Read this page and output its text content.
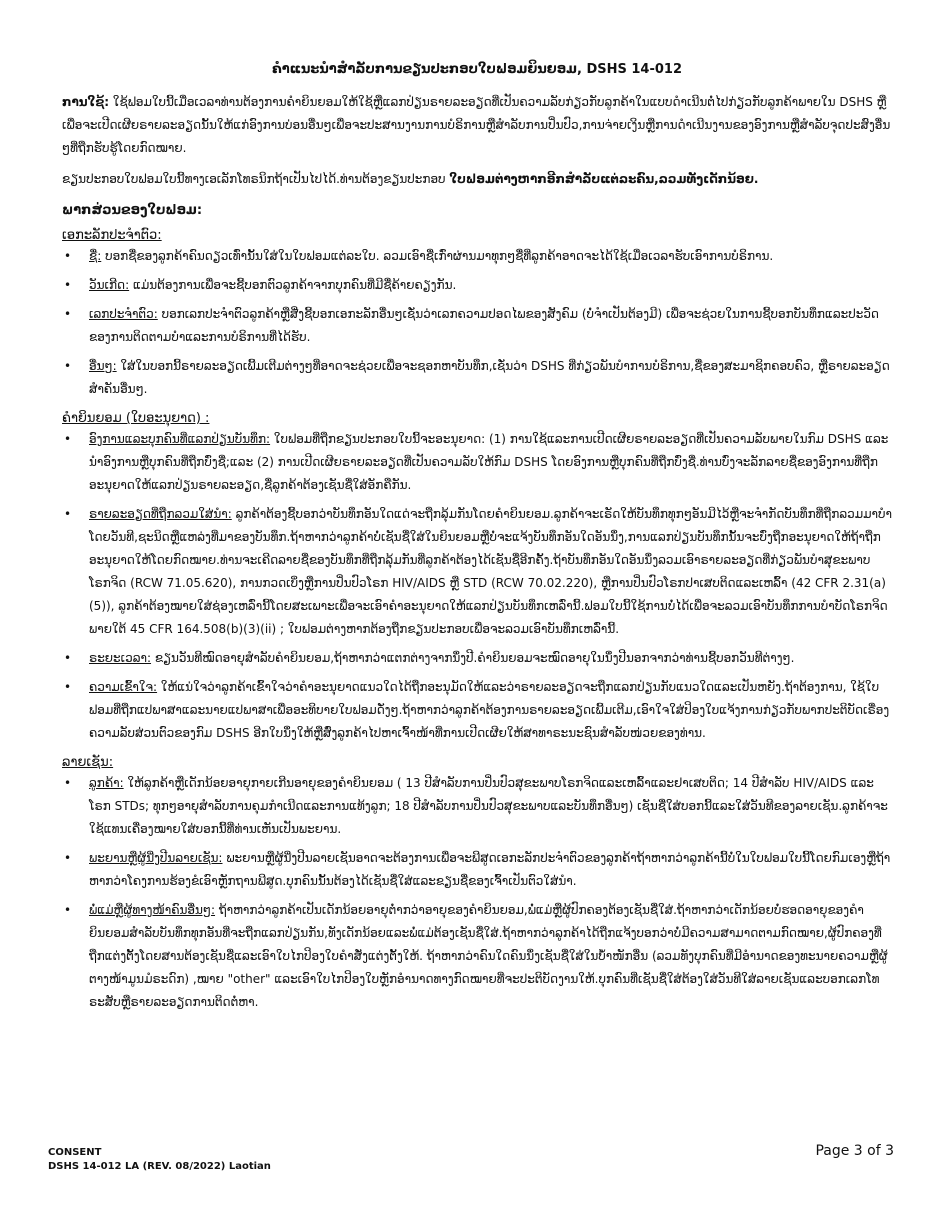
ຄຳແນະນຳສຳລັບການຂຽນປະກອບໃບຟອມຍິນຍອມ, DSHS 14-012

ການໃຊ້: ໃຊ້ຟອມໃບນີ້ເມື່ອເວລາທ່ານຕ້ອງການຄຳຍິນຍອມໃຫ້ໃຊ້ຫຼືແລກປ່ຽນຣາຍລະອຽດທີ່ເປັນຄວາມລັບກ່ຽວກັບລູກຄ້າໃນແບບດຳເນີນຕໍ່ໄປກ່ຽວກັບລູກຄ້າພາຍໃນ DSHS ຫຼືເພື່ອຈະເປີດເຜີຍຣາຍລະອຽດນັ້ນໃຫ້ແກ່ອົງການບ່ອນອື່ນໆເພື່ອຈະປະສານງານການບໍຣິການຫຼືສຳລັບການປິ່ນປົວ,ການຈ່າຍເງິນຫຼືການດຳເນີນງານຂອງອົງການຫຼືສຳລັບຈຸດປະສົງອື່ນໆທີ່ຖືກຮັບຮູ້ໂດຍກົດໝາຍ.

ຂຽນປະກອບໃບຟອມໃບນີ້ທາງເອເລັກໂທຣນິກຖ້າເປັນໄປໄດ້.ທ່ານຕ້ອງຂຽນປະກອບ ໃບຟອມຕ່າງຫາກອີກສຳລັບແຕ່ລະຄົນ,ລວມທັງເດັກນ້ອຍ.

ພາກສ່ວນຂອງໃບຟອມ:
ເອກະລັກປະຈຳຕົວ:
• ຊື່: ບອກຊື່ຂອງລູກຄ້າຄົນດຽວເທົ່ານັ້ນໃສ່ໃນໃບຟອມແຕ່ລະໃບ. ລວມເອົາຊື່ເກົ່າຜ່ານມາທຸກໆຊື່ທີ່ລູກຄ້າອາດຈະໄດ້ໃຊ້ເມື່ອເວລາຮັບເອົາການບໍຣິການ.
• ວັນເກີດ: ແມ່ນຕ້ອງການເພື່ອຈະຊີ້ບອກຕົວລູກຄ້າຈາກບຸກຄົນທີ່ມີຊື່ຄ້າຍຄຽງກັນ.
• ເລກປະຈຳຕົວ: ບອກເລກປະຈຳຕົວລູກຄ້າຫຼືສີ່ງຊີ້ບອກເອກະລັກອື່ນໆເຊັ່ນວ່າເລກຄວາມປອດໄພຂອງສັງຄົມ (ບໍ່ຈຳເປັນຕ້ອງມີ) ເພື່ອຈະຊ່ວຍໃນການຊີ້ບອກບັນທຶກແລະປະວັດຂອງການຕິດຕາມບຳແລະການບໍຣິການທີ່ໄດ້ຮັບ.
• ອື່ນໆ: ໃສ່ໃນບອກນີ້ຣາຍລະອຽດເພີ້ມເຕີມຕ່າງໆທີ່ອາດຈະຊ່ວຍເພື່ອຈະຊອກຫາບັນທຶກ,ເຊັ່ນວ່າ DSHS ທີ່ກ່ຽວພັນບຳການບໍຣິການ,ຊື່ຂອງສະມາຊິກຄອບຄົວ, ຫຼືຣາຍລະອຽດສຳຄັນອື່ນໆ.
ຄຳຍິນຍອມ (ໃບອະນຸຍາດ) :
• ອົງການແລະບຸກຄົນທີ່ແລກປ່ຽນບັນທຶກ: ໃບຟອມທີ່ຖືກຂຽນປະກອບໃບນີ້ຈະອະນຸຍາດ: (1) ການໃຊ້ແລະການເປີດເຜີຍຣາຍລະອຽດທີ່ເປັນຄວາມລັບພາຍໃນກົມ DSHS ແລະນຳອົງການຫຼືບຸກຄົນທີ່ຖືກບົ່ງຊື່;ແລະ (2) ການເປີດເຜີຍຣາຍລະອຽດທີ່ເປັນຄວາມລັບໃຫ້ກົມ DSHS ໂດຍອົງການຫຼືບຸກຄົນທີ່ຖືກບົ່ງຊື່.ທ່ານບົ່ງຈະລັກລາຍຊື່ຂອງອົງການທີ່ຖືກອະນຸຍາດໃຫ້ແລກປ່ຽນຣາຍລະອຽດ,ຊື່ລູກຄ້າຕ້ອງເຊັນຊື່ໃສ່ອັກຄືກັນ.
• ຣາຍລະອຽດທີ່ຖືກລວມໃສ່ນຳ: ລູກຄ້າຕ້ອງຊີ້ບອກວ່າບັນທຶກອັນໃດແດ່ຈະຖືກລຸ້ມກັນໂດຍຄຳຍິນຍອມ.ລູກຄ້າຈະເຣັດໃຫ້ບັນທຶກທຸກໆອັນມີໄວ້ຫຼືຈະຈຳກັດບັນທຶກທີ່ຖືກລວມມາບຳໂດຍວັນທີ,ຊະນິດຫຼືແຫລ່ງທີ່ມາຂອງບັນທຶກ.ຖ້າຫາກວ່າລູກຄ້າບໍ່ເຊັນຊື່ໃສ່ໃນຍິນຍອມຫຼືບໍ່ຈະແຈ້ງບັນທຶກອັນໃດອັນນຶ່ງ,ການແລກປ່ຽນບັນທຶກນັ້ນຈະບົ່ງຖືກອະນຸຍາດໃຫ້ຖ້າຖືກອະນຸຍາດໃຫ້ໂດຍກົດໝາຍ.ທ່ານຈະເຄີດລາຍຊື່ຂອງບັນທຶກທີ່ຖືກລຸ້ມກັນທີ່ລູກຄ້າຕ້ອງໄດ້ເຊັນຊື່ອີກຄັ້ງ.ຖ້າບັນທຶກອັນໃດອັນນຶ່ງລວມເອົາຣາຍລະອຽດທີ່ກ່ຽວພັນບຳສຸຂະພາບໂຣກຈິດ (RCW 71.05.620), ການກວດເບິ່ງຫຼືການປິ່ນປົວໂຣກ HIV/AIDS ຫຼື STD (RCW 70.02.220), ຫຼືການປິ່ນປົວໂຣກປາເສບຕິດແລະເຫລົ້າ (42 CFR 2.31(a)(5)), ລູກຄ້າຕ້ອງໝາຍໃສ່ຊ່ອງເຫລົ່ານີ້ໂດຍສະເພາະເພື່ອຈະເອົາຄຳອະນຸຍາດໃຫ້ແລກປ່ຽນບັນທຶກເຫລົ່ານີ້.ຟອມໃບນີ້ໃຊ້ການບໍ່ໄດ້ເພື່ອຈະລວມເອົາບັນທຶກການບຳບັດໂຣກຈິດພາຍໃຕ້ 45 CFR 164.508(b)(3)(ii) ; ໃບຟອມຕ່າງຫາກຕ້ອງຖືກຂຽນປະກອບເພື່ອຈະລວມເອົາບັນທຶກເຫລົ່ານີ້.
• ຣະຍະເວລາ: ຂຽນວັນທີໝົດອາຍຸສຳລັບຄຳຍິນຍອມ,ຖ້າຫາກວ່າແຕກຕ່າງຈາກນຶ່ງປີ.ຄຳຍິນຍອມຈະໝົດອາຍຸໃນນຶ່ງປີນອກຈາກວ່າທ່ານຊີ້ບອກວັນທີຕ່າງໆ.
• ຄວາມເຂົ້າໃຈ: ໃຫ້ແນ່ໃຈວ່າລູກຄ້າເຂົ້າໃຈວ່າຄຳອະນຸຍາດແນວໃດໄດ້ຖືກອະນຸມັດໃຫ້ແລະວ່າຣາຍລະອຽດຈະຖືກແລກປ່ຽນກັບແນວໃດແລະເປັນຫຍັງ.ຖ້າຕ້ອງການ, ໃຊ້ໃບຟອມທີ່ຖືກແປພາສາແລະນາຍແປພາສາເພື່ອອະທິບາຍໃບຟອມດັ່ງໆ.ຖ້າຫາກວ່າລູກຄ້າຕ້ອງການຣາຍລະອຽດເພີ້ມເຕີມ,ເອົາໃຈໃສ່ປິອງໃບແຈ້ງການກ່ຽວກັບພາກປະຕິບັດເຣື່ອງຄວາມລັບສ່ວນຕົວຂອງກົມ DSHS ອີກໃບນຶ່ງໃຫ້ຫຼືສົ່ງລູກຄ້າໄປຫາເຈົ້າໜ້າທີ່ການເປີດເຜີຍໃຫ້ສາທາຣະນະຊົນສຳລັບໜ່ວຍຂອງທ່ານ.
ລາຍເຊັນ:
• ລູກຄ້າ: ໃຫ້ລູກຄ້າຫຼືເດັກນ້ອຍອາຍຸກາຍເກີນອາຍຸຂອງຄຳຍິນຍອມ ( 13 ປີສຳລັບການປິ່ນປົວສຸຂະພາບໂຣກຈິດແລະເຫລົ້າແລະຢາເສບຕິດ; 14 ປີສຳລັບ HIV/AIDS ແລະໂຣກ STDs; ທຸກໆອາຍຸສຳລັບການຄຸມກຳເນີດແລະການແທ້ງລູກ; 18 ປີສຳລັບການປິ່ນປົວສຸຂະພາບແລະບັນທຶກອື່ນໆ) ເຊັນຊື່ໃສ່ບອກນີ້ແລະໃສ່ວັນທີຂອງລາຍເຊັນ.ລູກຄ້າຈະໃຊ້ແທນເຄື່ອງໝາຍໃສ່ບອກນີ້ທີ່ທ່ານເຫັນເປັນພະຍານ.
• ພະຍານຫຼືຜູ້ນີ່ງປີນລາຍເຊັນ: ພະຍານຫຼືຜູ້ນີ່ງປີນລາຍເຊັນອາດຈະຕ້ອງການເພື່ອຈະພີສູດເອກະລັກປະຈຳຕົວຂອງລູກຄ້າຖ້າຫາກວ່າລູກຄ້ານີ້ບໍ່ໃນໃບຟອມໃບນີ້ໂດຍກົມເອງຫຼືຖ້າຫາກວ່າໂຄງການຮ້ອງຂໍເອົາຫຼັກຖານພີສູດ.ບຸກຄົນນັ້ນຕ້ອງໄດ້ເຊັນຊື່ໃສ່ແລະຂຽນຊື່ຂອງເຈົ້າເປັນຕົວໃສ່ນຳ.
• ພໍ່ແມ່ຫຼືຜູ້ທາງໜ້າຄົນອື່ນໆ: ຖ້າຫາກວ່າລູກຄ້າເປັນເດັກນ້ອຍອາຍຸຕ່ຳກວ່າອາຍຸຂອງຄຳຍິນຍອມ,ພໍ່ແມ່ຫຼືຜູ້ປົກຄອງຕ້ອງເຊັນຊື່ໃສ່.ຖ້າຫາກວ່າເດັກນ້ອຍບໍ່ຮອດອາຍຸຂອງຄຳຍິນຍອມສຳລັບບັນທຶກທຸກອັນທີ່ຈະຖືກແລກປ່ຽນກັນ,ທັງເດັກນ້ອຍແລະພໍ່ແມ່ຕ້ອງເຊັນຊື່ໃສ່.ຖ້າຫາກວ່າລູກຄ້າໄດ້ຖືກແຈ້ງບອກວ່າບໍ່ມີຄວາມສາມາດຕາມກົດໝາຍ,ຜູ້ປົກຄອງທີ່ຖືກແຕ່ງຕັ້ງໂດຍສານຕ້ອງເຊັນຊື່ແລະເອົາໃບໄກປິອງໃບຄຳສັ່ງແຕ່ງຕັ້ງໃຫ້. ຖ້າຫາກວ່າຄົນໃດຄົນນຶ່ງເຊັນຊື່ໃສ່ໃນບ້ຳໜັກອື່ນ (ລວມທັງບຸກຄົນທີ່ມີອຳນາດຂອງທະນາຍຄວາມຫຼືຜູ້ຕາງໜ້າມູນມໍຣະດົກ) ,ໝາຍ "other" ແລະເອົາໃບໄກປິອງໃບຫຼັກອຳນາດທາງກົດໝາຍທີ່ຈະປະຕິບັດງານໃຫ້.ບຸກຄົນທີ່ເຊັນຊື່ໃສ່ຕ້ອງໃສ່ວັນທີໃສ່ລາຍເຊັນແລະບອກເລກໂທຣະສັບຫຼືຣາຍລະອຽດການຕິດຕໍ່ຫາ.
CONSENT
DSHS 14-012 LA (REV. 08/2022) Laotian
Page 3 of 3
